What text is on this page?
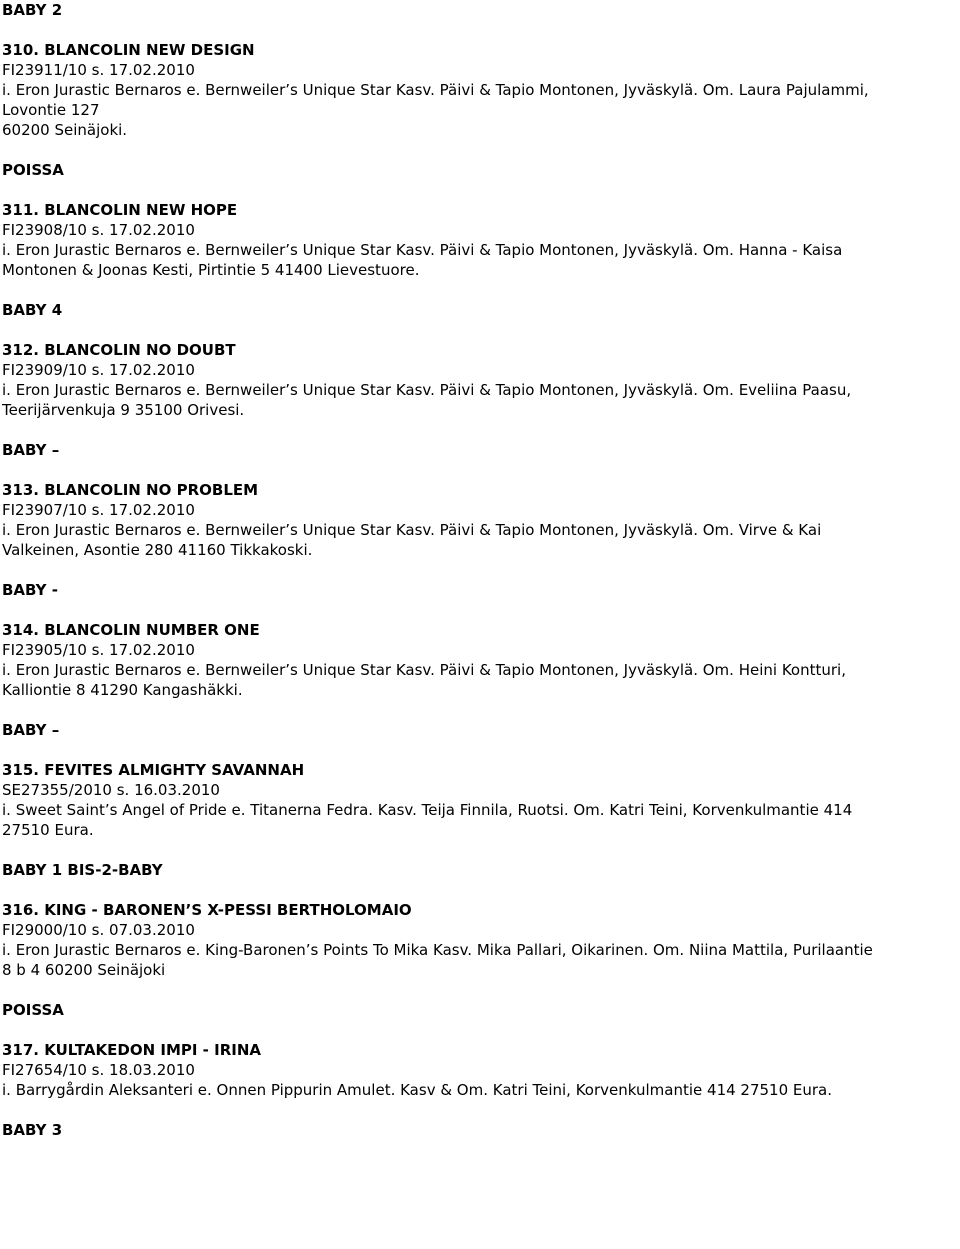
BABY 2

310. BLANCOLIN NEW DESIGN

FI23911/10 s. 17.02.2010

i. Eron Jurastic Bernaros e. Bernweiler’s Unique Star Kasv. Päivi & Tapio Montonen, Jyväskylä. Om. Laura Pajulammi,

Lovontie 127

60200 Seinäjoki.

POISSA

311. BLANCOLIN NEW HOPE

FI23908/10 s. 17.02.2010

i. Eron Jurastic Bernaros e. Bernweiler’s Unique Star Kasv. Päivi & Tapio Montonen, Jyväskylä. Om. Hanna - Kaisa

Montonen & Joonas Kesti, Pirtintie 5 41400 Lievestuore.

BABY 4

312. BLANCOLIN NO DOUBT

FI23909/10 s. 17.02.2010

i. Eron Jurastic Bernaros e. Bernweiler’s Unique Star Kasv. Päivi & Tapio Montonen, Jyväskylä. Om. Eveliina Paasu,

Teerijärvenkuja 9 35100 Orivesi.

BABY –

313. BLANCOLIN NO PROBLEM

FI23907/10 s. 17.02.2010

i. Eron Jurastic Bernaros e. Bernweiler’s Unique Star Kasv. Päivi & Tapio Montonen, Jyväskylä. Om. Virve & Kai

Valkeinen, Asontie 280 41160 Tikkakoski.

BABY -

314. BLANCOLIN NUMBER ONE

FI23905/10 s. 17.02.2010

i. Eron Jurastic Bernaros e. Bernweiler’s Unique Star Kasv. Päivi & Tapio Montonen, Jyväskylä. Om. Heini Kontturi,

Kalliontie 8 41290 Kangashäkki.

BABY –

315. FEVITES ALMIGHTY SAVANNAH

SE27355/2010 s. 16.03.2010

i. Sweet Saint’s Angel of Pride e. Titanerna Fedra. Kasv. Teija Finnila, Ruotsi. Om. Katri Teini, Korvenkulmantie 414

27510 Eura.

BABY 1 BIS-2-BABY

316. KING - BARONEN’S X-PESSI BERTHOLOMAIO

FI29000/10 s. 07.03.2010

i. Eron Jurastic Bernaros e. King-Baronen’s Points To Mika Kasv. Mika Pallari, Oikarinen. Om. Niina Mattila, Purilaantie

8 b 4 60200 Seinäjoki

POISSA

317. KULTAKEDON IMPI - IRINA

FI27654/10 s. 18.03.2010

i. Barrygårdin Aleksanteri e. Onnen Pippurin Amulet. Kasv & Om. Katri Teini, Korvenkulmantie 414 27510 Eura.

BABY 3
